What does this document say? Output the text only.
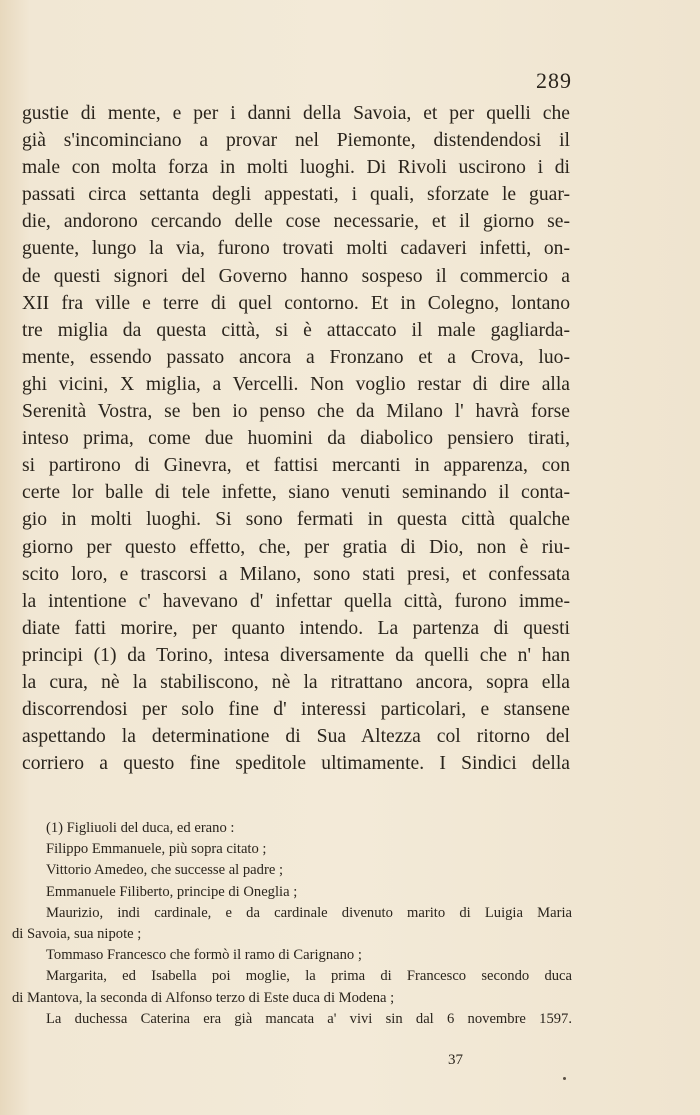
289
gustie di mente, e per i danni della Savoia, et per quelli che
già s'incominciano a provar nel Piemonte, distendendosi il
male con molta forza in molti luoghi. Di Rivoli uscirono i di
passati circa settanta degli appestati, i quali, sforzate le guar-
die, andorono cercando delle cose necessarie, et il giorno se-
guente, lungo la via, furono trovati molti cadaveri infetti, on-
de questi signori del Governo hanno sospeso il commercio a
XII fra ville e terre di quel contorno. Et in Colegno, lontano
tre miglia da questa città, si è attaccato il male gagliarda-
mente, essendo passato ancora a Fronzano et a Crova, luo-
ghi vicini, X miglia, a Vercelli. Non voglio restar di dire alla
Serenità Vostra, se ben io penso che da Milano l' havrà forse
inteso prima, come due huomini da diabolico pensiero tirati,
si partirono di Ginevra, et fattisi mercanti in apparenza, con
certe lor balle di tele infette, siano venuti seminando il conta-
gio in molti luoghi. Si sono fermati in questa città qualche
giorno per questo effetto, che, per gratia di Dio, non è riu-
scito loro, e trascorsi a Milano, sono stati presi, et confessata
la intentione c' havevano d' infettar quella città, furono imme-
diate fatti morire, per quanto intendo. La partenza di questi
principi (1) da Torino, intesa diversamente da quelli che n' han
la cura, nè la stabiliscono, nè la ritrattano ancora, sopra ella
discorrendosi per solo fine d' interessi particolari, e stansene
aspettando la determinatione di Sua Altezza col ritorno del
corriero a questo fine speditole ultimamente. I Sindici della
(1) Figliuoli del duca, ed erano :
Filippo Emmanuele, più sopra citato ;
Vittorio Amedeo, che successe al padre ;
Emmanuele Filiberto, principe di Oneglia ;
Maurizio, indi cardinale, e da cardinale divenuto marito di Luigia Maria
di Savoia, sua nipote ;
Tommaso Francesco che formò il ramo di Carignano ;
Margarita, ed Isabella poi moglie, la prima di Francesco secondo duca
di Mantova, la seconda di Alfonso terzo di Este duca di Modena ;
La duchessa Caterina era già mancata a' vivi sin dal 6 novembre 1597.
37
